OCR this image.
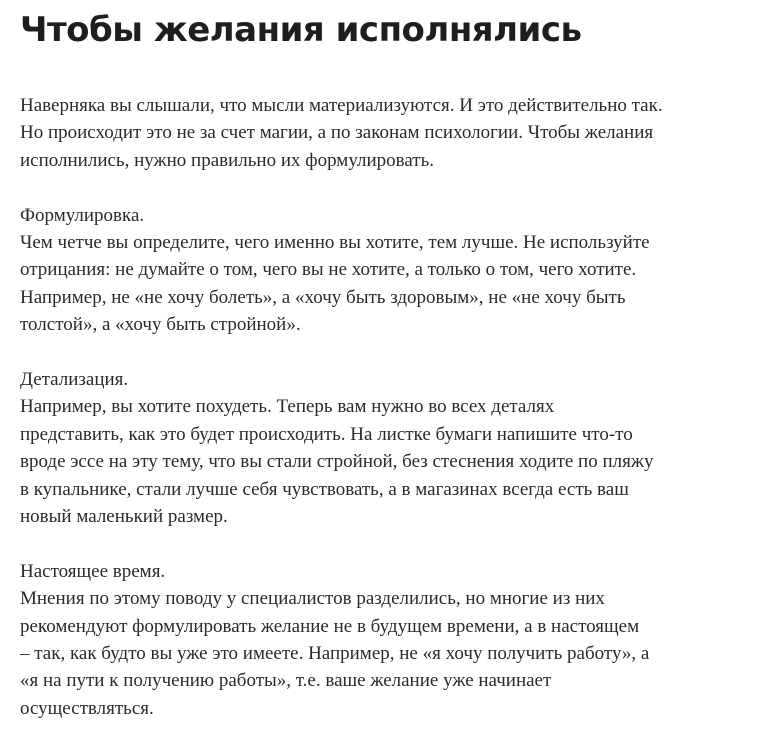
Чтобы желания исполнялись

Наверняка вы слышали, что мысли материализуются. И это действительно так.
Но происходит это не за счет магии, а по законам психологии. Чтобы желания
исполнились, нужно правильно их формулировать.

Формулировка.
Чем четче вы определите, чего именно вы хотите, тем лучше. Не используйте
отрицания: не думайте о том, чего вы не хотите, а только о том, чего хотите.
Например, не «не хочу болеть», а «хочу быть здоровым», не «не хочу быть
толстой», а «хочу быть стройной».

Детализация.
Например, вы хотите похудеть. Теперь вам нужно во всех деталях
представить, как это будет происходить. На листке бумаги напишите что-то
вроде эссе на эту тему, что вы стали стройной, без стеснения ходите по пляжу
в купальнике, стали лучше себя чувствовать, а в магазинах всегда есть ваш
новый маленький размер.

Настоящее время.
Мнения по этому поводу у специалистов разделились, но многие из них
рекомендуют формулировать желание не в будущем времени, а в настоящем
– так, как будто вы уже это имеете. Например, не «я хочу получить работу», а
«я на пути к получению работы», т.е. ваше желание уже начинает
осуществляться.
